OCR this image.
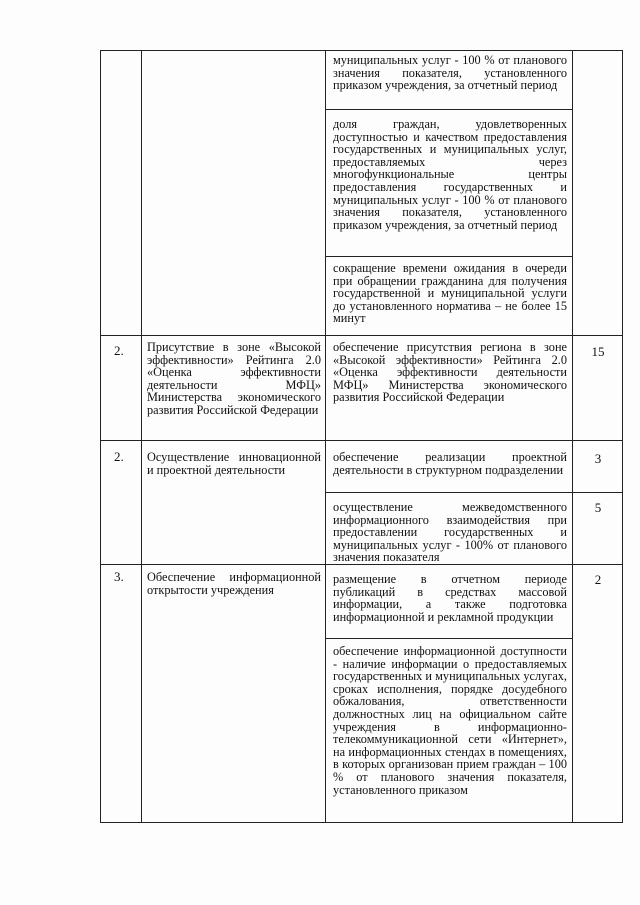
муниципальных услуг - 100 % от планового значения показателя, установленного приказом учреждения, за отчетный период
доля граждан, удовлетворенных доступностью и качеством предоставления государственных и муниципальных услуг, предоставляемых через многофункциональные центры предоставления государственных и муниципальных услуг - 100 % от планового значения показателя, установленного приказом учреждения, за отчетный период
сокращение времени ожидания в очереди при обращении гражданина для получения государственной и муниципальной услуги до установленного норматива – не более 15 минут
2. Присутствие в зоне «Высокой эффективности» Рейтинга 2.0 «Оценка эффективности деятельности МФЦ» Министерства экономического развития Российской Федерации
обеспечение присутствия региона в зоне «Высокой эффективности» Рейтинга 2.0 «Оценка эффективности деятельности МФЦ» Министерства экономического развития Российской Федерации
15
2. Осуществление инновационной и проектной деятельности
обеспечение реализации проектной деятельности в структурном подразделении
3
осуществление межведомственного информационного взаимодействия при предоставлении государственных и муниципальных услуг - 100% от планового значения показателя
5
3. Обеспечение информационной открытости учреждения
размещение в отчетном периоде публикаций в средствах массовой информации, а также подготовка информационной и рекламной продукции
2
обеспечение информационной доступности - наличие информации о предоставляемых государственных и муниципальных услугах, сроках исполнения, порядке досудебного обжалования, ответственности должностных лиц на официальном сайте учреждения в информационно-телекоммуникационной сети «Интернет», на информационных стендах в помещениях, в которых организован прием граждан – 100 % от планового значения показателя, установленного приказом
